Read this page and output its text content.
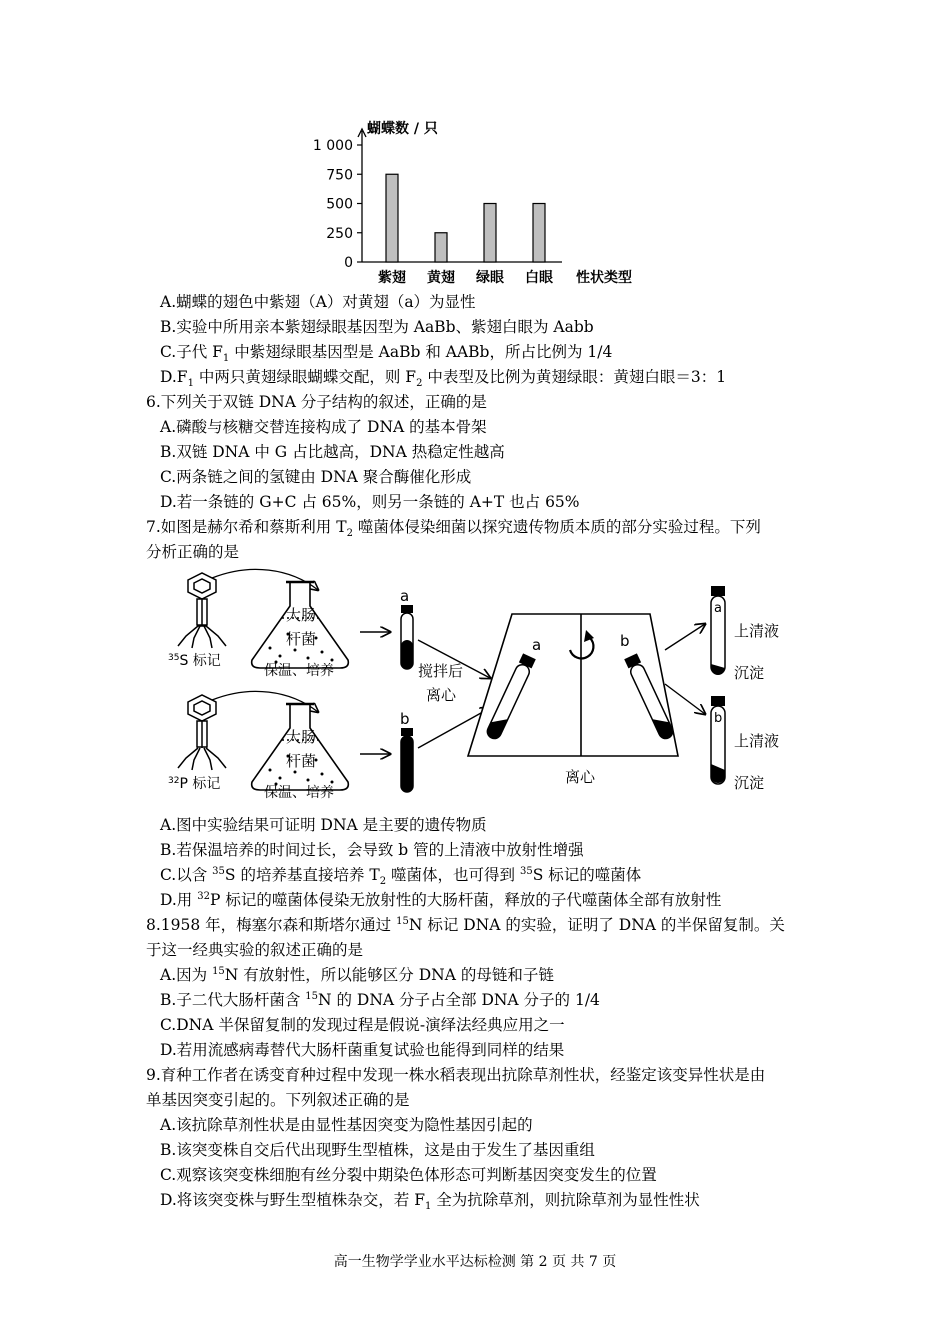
0
250
500
750
1 000
蝴蝶数 / 只
紫翅 黄翅 绿眼 白眼 性状类型
A.蝴蝶的翅色中紫翅（A）对黄翅（a）为显性
B.实验中所用亲本紫翅绿眼基因型为 AaBb、紫翅白眼为 Aabb
C.子代 $F_1$ 中紫翅绿眼基因型是 AaBb 和 AABb，所占比例为 1/4
$D.F_1$ 中两只黄翅绿眼蝴蝶交配，则 $F_2$ 中表型及比例为黄翅绿眼：黄翅白眼＝3：1
6.下列关于双链 DNA 分子结构的叙述，正确的是
A.磷酸与核糖交替连接构成了 DNA 的基本骨架
B.双链 DNA 中 G 占比越高，DNA 热稳定性越高
C.两条链之间的氢键由 DNA 聚合酶催化形成
D.若一条链的 G+C 占 65%，则另一条链的 A+T 也占 65%
7.如图是赫尔希和蔡斯利用 $T_2$ 噬菌体侵染细菌以探究遗传物质本质的部分实验过程。下列
分析正确的是
$^{35}$S 标记
大肠
杆菌
保温、培养
a
$^{32}$P 标记
大肠
杆菌
保温、培养
b
搅拌后
离心
a	b
离心
a
上清液
沉淀
b
上清液
沉淀
A.图中实验结果可证明 DNA 是主要的遗传物质
B.若保温培养的时间过长，会导致 b 管的上清液中放射性增强
C.以含 $^{35}$S 的培养基直接培养 $T_2$ 噬菌体，也可得到 $^{35}$S 标记的噬菌体
D.用 $^{32}$P 标记的噬菌体侵染无放射性的大肠杆菌，释放的子代噬菌体全部有放射性
8.1958 年，梅塞尔森和斯塔尔通过 $^{15}$N 标记 DNA 的实验，证明了 DNA 的半保留复制。关
于这一经典实验的叙述正确的是
A.因为 $^{15}$N 有放射性，所以能够区分 DNA 的母链和子链
B.子二代大肠杆菌含 $^{15}$N 的 DNA 分子占全部 DNA 分子的 1/4
C.DNA 半保留复制的发现过程是假说-演绎法经典应用之一
D.若用流感病毒替代大肠杆菌重复试验也能得到同样的结果
9.育种工作者在诱变育种过程中发现一株水稻表现出抗除草剂性状，经鉴定该变异性状是由
单基因突变引起的。下列叙述正确的是
A.该抗除草剂性状是由显性基因突变为隐性基因引起的
B.该突变株自交后代出现野生型植株，这是由于发生了基因重组
C.观察该突变株细胞有丝分裂中期染色体形态可判断基因突变发生的位置
D.将该突变株与野生型植株杂交，若 $F_1$ 全为抗除草剂，则抗除草剂为显性性状
高一生物学学业水平达标检测 第 2 页 共 7 页
